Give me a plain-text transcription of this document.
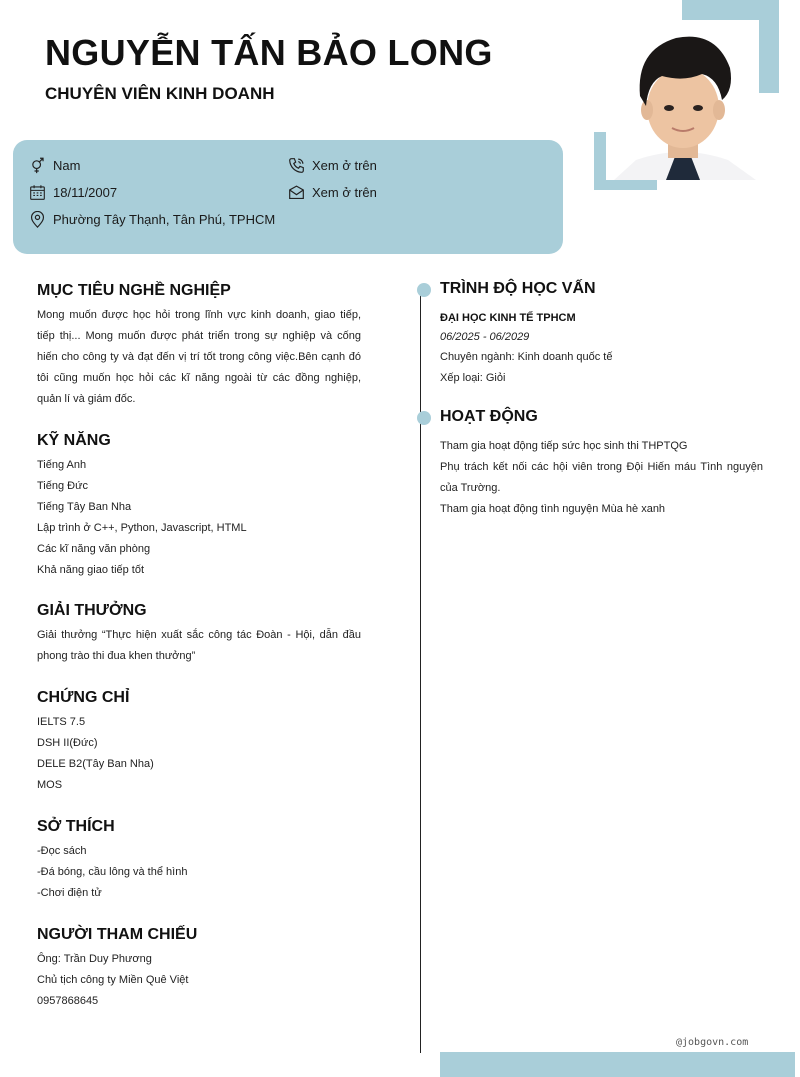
NGUYỄN TẤN BẢO LONG
CHUYÊN VIÊN KINH DOANH
Nam
18/11/2007
Phường Tây Thạnh, Tân Phú, TPHCM
Xem ở trên
Xem ở trên
MỤC TIÊU NGHỀ NGHIỆP
Mong muốn được học hỏi trong lĩnh vực kinh doanh, giao tiếp, tiếp thị... Mong muốn được phát triển trong sự nghiệp và cống hiến cho công ty và đạt đến vị trí tốt trong công việc.Bên cạnh đó tôi cũng muốn học hỏi các kĩ năng ngoài từ các đồng nghiệp, quản lí và giám đốc.
KỸ NĂNG
Tiếng Anh
Tiếng Đức
Tiếng Tây Ban Nha
Lập trình ở C++, Python, Javascript, HTML
Các kĩ năng văn phòng
Khả năng giao tiếp tốt
GIẢI THƯỞNG
Giải thưởng “Thực hiện xuất sắc công tác Đoàn - Hội, dẫn đầu phong trào thi đua khen thưởng”
CHỨNG CHỈ
IELTS 7.5
DSH II(Đức)
DELE B2(Tây Ban Nha)
MOS
SỞ THÍCH
-Đọc sách
-Đá bóng, cầu lông và thể hình
-Chơi điện tử
NGƯỜI THAM CHIẾU
Ông: Trần Duy Phương
Chủ tịch công ty Miền Quê Việt
0957868645
TRÌNH ĐỘ HỌC VẤN
ĐẠI HỌC KINH TẾ TPHCM
06/2025 - 06/2029
Chuyên ngành: Kinh doanh quốc tế
Xếp loại: Giỏi
HOẠT ĐỘNG
Tham gia hoạt động tiếp sức học sinh thi THPTQG
Phụ trách kết nối các hội viên trong Đội Hiến máu Tình nguyện của Trường.
Tham gia hoạt động tình nguyện Mùa hè xanh
@jobgovn.com
